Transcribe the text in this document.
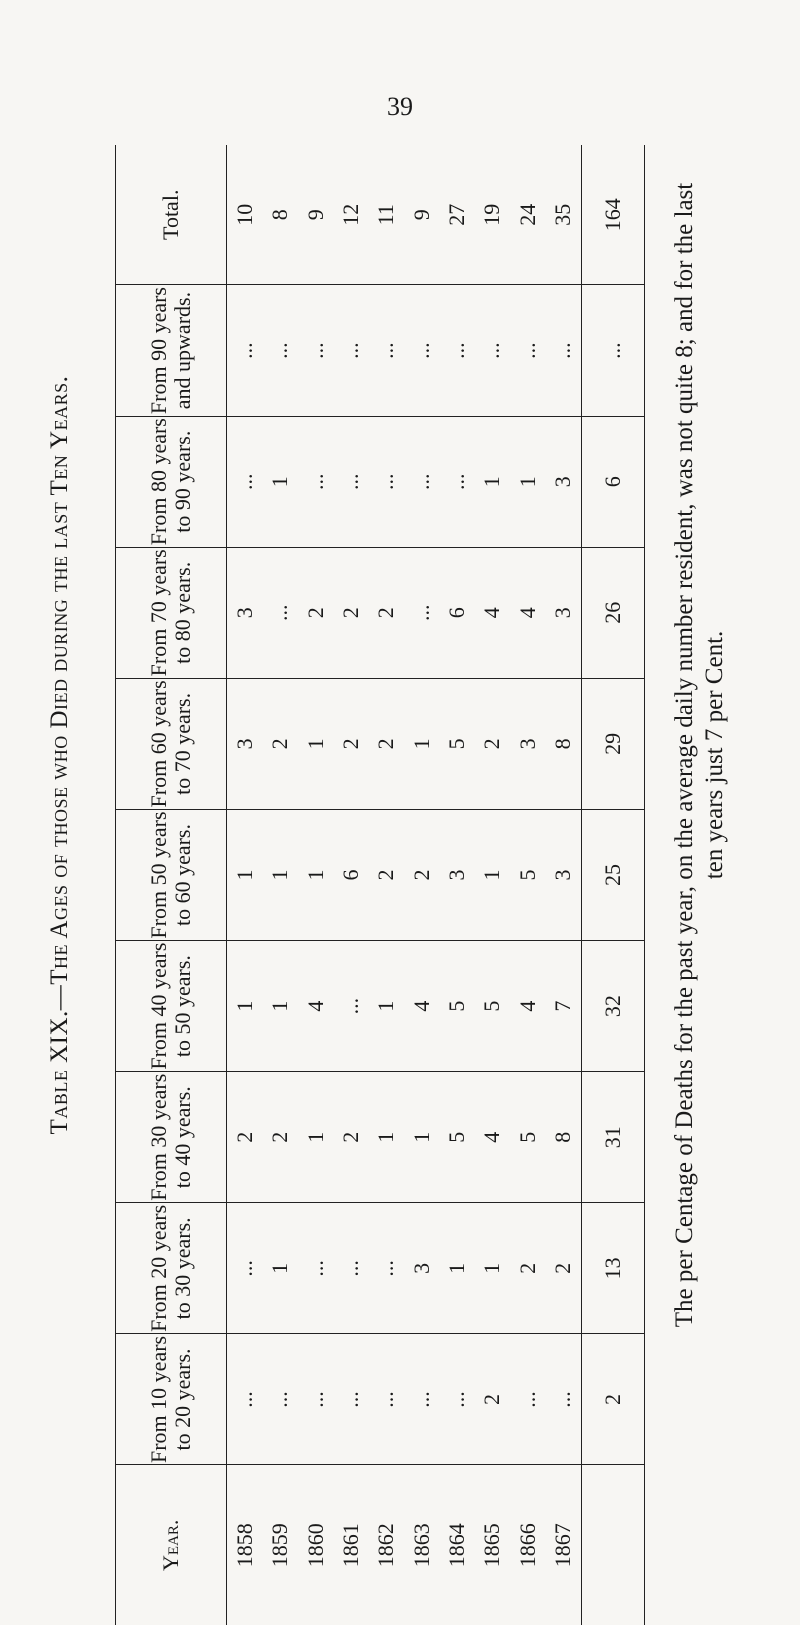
39
Table XIX.—The Ages of those who Died during the last Ten Years.
Year.	From 10 years to 20 years.	From 20 years to 30 years.	From 30 years to 40 years.	From 40 years to 50 years.	From 50 years to 60 years.	From 60 years to 70 years.	From 70 years to 80 years.	From 80 years to 90 years.	From 90 years and upwards.	Total.
1858	...	...	2	1	1	3	3	...	...	10
1859	...	1	2	1	1	2	...	1	...	8
1860	...	...	1	4	1	1	2	...	...	9
1861	...	...	2	...	6	2	2	...	...	12
1862	...	...	1	1	2	2	2	...	...	11
1863	...	3	1	4	2	1	...	...	...	9
1864	...	1	5	5	3	5	6	...	...	27
1865	2	1	4	5	1	2	4	1	...	19
1866	...	2	5	4	5	3	4	1	...	24
1867	...	2	8	7	3	8	3	3	...	35
	2	13	31	32	25	29	26	6	...	164 The per Centage of Deaths for the past year, on the average daily number resident, was not quite 8; and for the last ten years just 7 per Cent.
